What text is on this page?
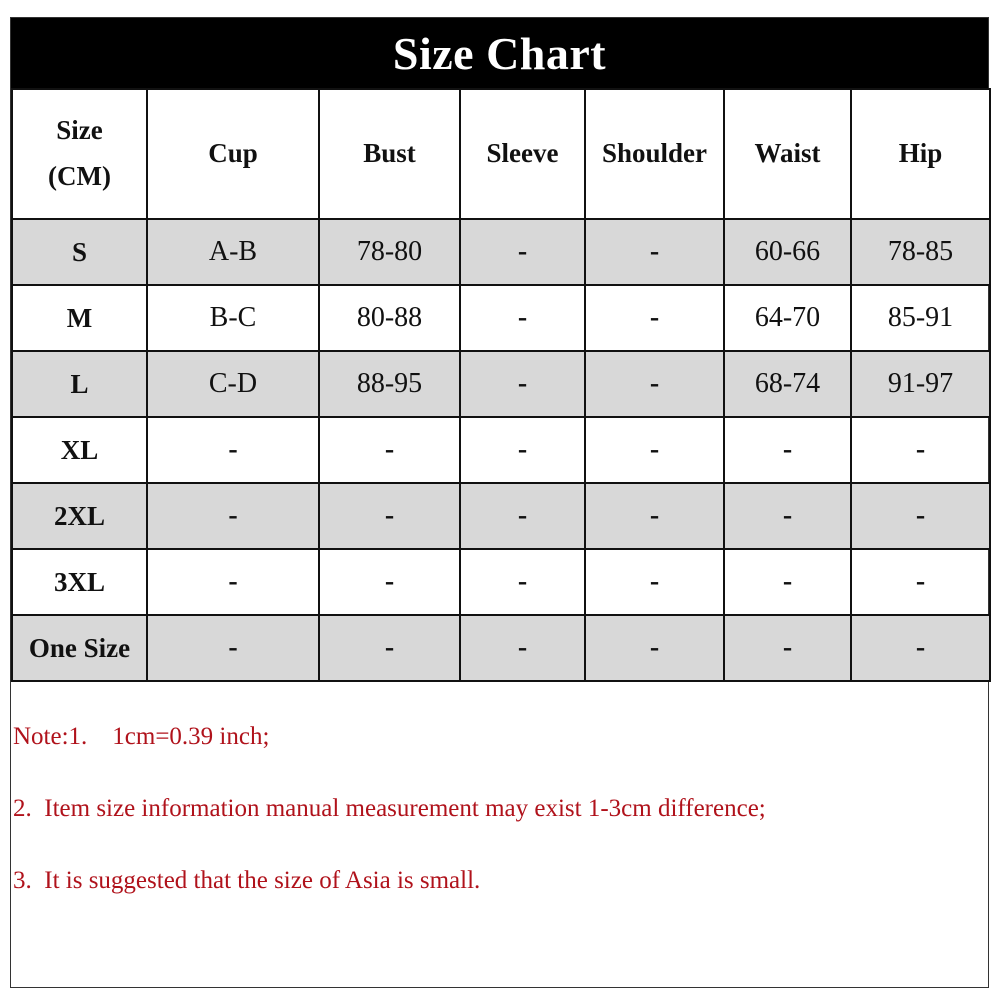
Size Chart
Size
(CM)	Cup	Bust	Sleeve	Shoulder	Waist	Hip
S	A-B	78-80	-	-	60-66	78-85
M	B-C	80-88	-	-	64-70	85-91
L	C-D	88-95	-	-	68-74	91-97
XL	-	-	-	-	-	-
2XL	-	-	-	-	-	-
3XL	-	-	-	-	-	-
One Size	-	-	-	-	-	-
Note:1.    1cm=0.39 inch;
2.  Item size information manual measurement may exist 1-3cm difference;
3.  It is suggested that the size of Asia is small.
